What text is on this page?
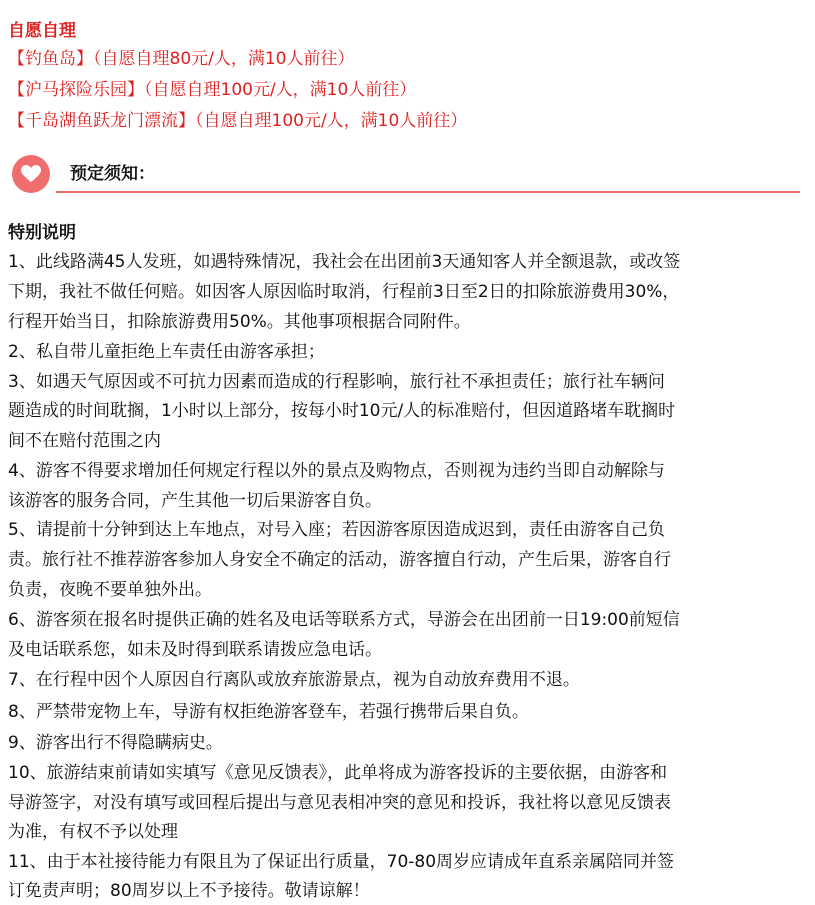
自愿自理
【钓鱼岛】（自愿自理80元/人，满10人前往）
【沪马探险乐园】（自愿自理100元/人，满10人前往）
【千岛湖鱼跃龙门漂流】（自愿自理100元/人，满10人前往）
预定须知：
特别说明
1、此线路满45人发班，如遇特殊情况，我社会在出团前3天通知客人并全额退款，或改签
下期，我社不做任何赔。如因客人原因临时取消，行程前3日至2日的扣除旅游费用30%，
行程开始当日，扣除旅游费用50%。其他事项根据合同附件。
2、私自带儿童拒绝上车责任由游客承担；
3、如遇天气原因或不可抗力因素而造成的行程影响，旅行社不承担责任；旅行社车辆问
题造成的时间耽搁，1小时以上部分，按每小时10元/人的标准赔付，但因道路堵车耽搁时
间不在赔付范围之内
4、游客不得要求增加任何规定行程以外的景点及购物点，否则视为违约当即自动解除与
该游客的服务合同，产生其他一切后果游客自负。
5、请提前十分钟到达上车地点，对号入座；若因游客原因造成迟到，责任由游客自己负
责。旅行社不推荐游客参加人身安全不确定的活动，游客擅自行动，产生后果，游客自行
负责，夜晚不要单独外出。
6、游客须在报名时提供正确的姓名及电话等联系方式，导游会在出团前一日19:00前短信
及电话联系您，如未及时得到联系请拨应急电话。
7、在行程中因个人原因自行离队或放弃旅游景点，视为自动放弃费用不退。
8、严禁带宠物上车，导游有权拒绝游客登车，若强行携带后果自负。
9、游客出行不得隐瞒病史。
10、旅游结束前请如实填写《意见反馈表》，此单将成为游客投诉的主要依据，由游客和
导游签字，对没有填写或回程后提出与意见表相冲突的意见和投诉，我社将以意见反馈表
为准，有权不予以处理
11、由于本社接待能力有限且为了保证出行质量，70-80周岁应请成年直系亲属陪同并签
订免责声明；80周岁以上不予接待。敬请谅解！
